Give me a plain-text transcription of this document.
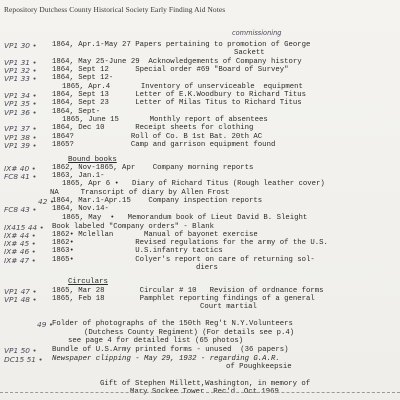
Repository Dutchess County Historical Society Early Finding Aid Notes
commissioning
VP1 30 • 1864, Apr.1-May 27 Papers pertaining to promotion of George
Sackett
VP1 31 • 1864, May 25-June 29  Acknowledgements of Company history
VP1 32 • 1864, Sept 12      Special order #69 "Board of Survey"
VP1 33 • 1864, Sept 12-
1865, Apr.4       Inventory of unserviceable  equipment
VP1 34 • 1864, Sept 13      Letter of E.K.Woodbury to Richard Titus
VP1 35 • 1864, Sept 23      Letter of Milas Titus to Richard Titus
VP1 36 • 1864, Sept-
1865, June 15       Monthly report of absentees
VP1 37 • 1864, Dec 10       Receipt sheets for clothing
VP1 38 • 1864?             Roll of Co. B 1st Bat. 20th AC
VP1 39 • 1865?             Camp and garrison equipment found
Bound books
IX# 40 • 1862, Nov-1865, Apr    Company morning reports
FC8 41 • 1863, Jan.1-
1865, Apr 6 •   Diary of Richard Titus (Rough leather cover)
NA     Transcript of diary by Allen Frost
42 •
1864, Mar.1-Apr.15    Company inspection reports
FC8 43 • 1864, Nov.14-
1865, May  •   Memorandum book of Lieut David B. Sleight
IX415 44 • Book labeled "Company orders" - Blank
IX# 44 • 1862• Mclellan       Manual of bayonet exercise
IX# 45 • 1862•              Revised regulations for the army of the U.S.
IX# 46 • 1863•              U.S.infantry tactics
IX# 47 • 1865•              Colyer's report on care of returning sol-
diers
Circulars
VP1 47 • 1865, Mar 28        Circular # 10   Revision of ordnance forms
VP1 48 • 1865, Feb 18        Pamphlet reporting findings of a general
Court martial
49 •
Folder of photographs of the 150th Reg't N.Y.Volunteers
(Dutchess County Regiment) (For details see p.4)
see page 4 for detailed list (65 photos)
VP1 50 • Bundle of U.S.Army printed forms - unused  (36 papers)
DC15 51 • Newspaper clipping - May 29, 1932 - regarding G.A.R.
of Poughkeepsie
Gift of Stephen Millett,Washington, in memory of
Mary Sockee Tower  Rec'd  Oct.1969
